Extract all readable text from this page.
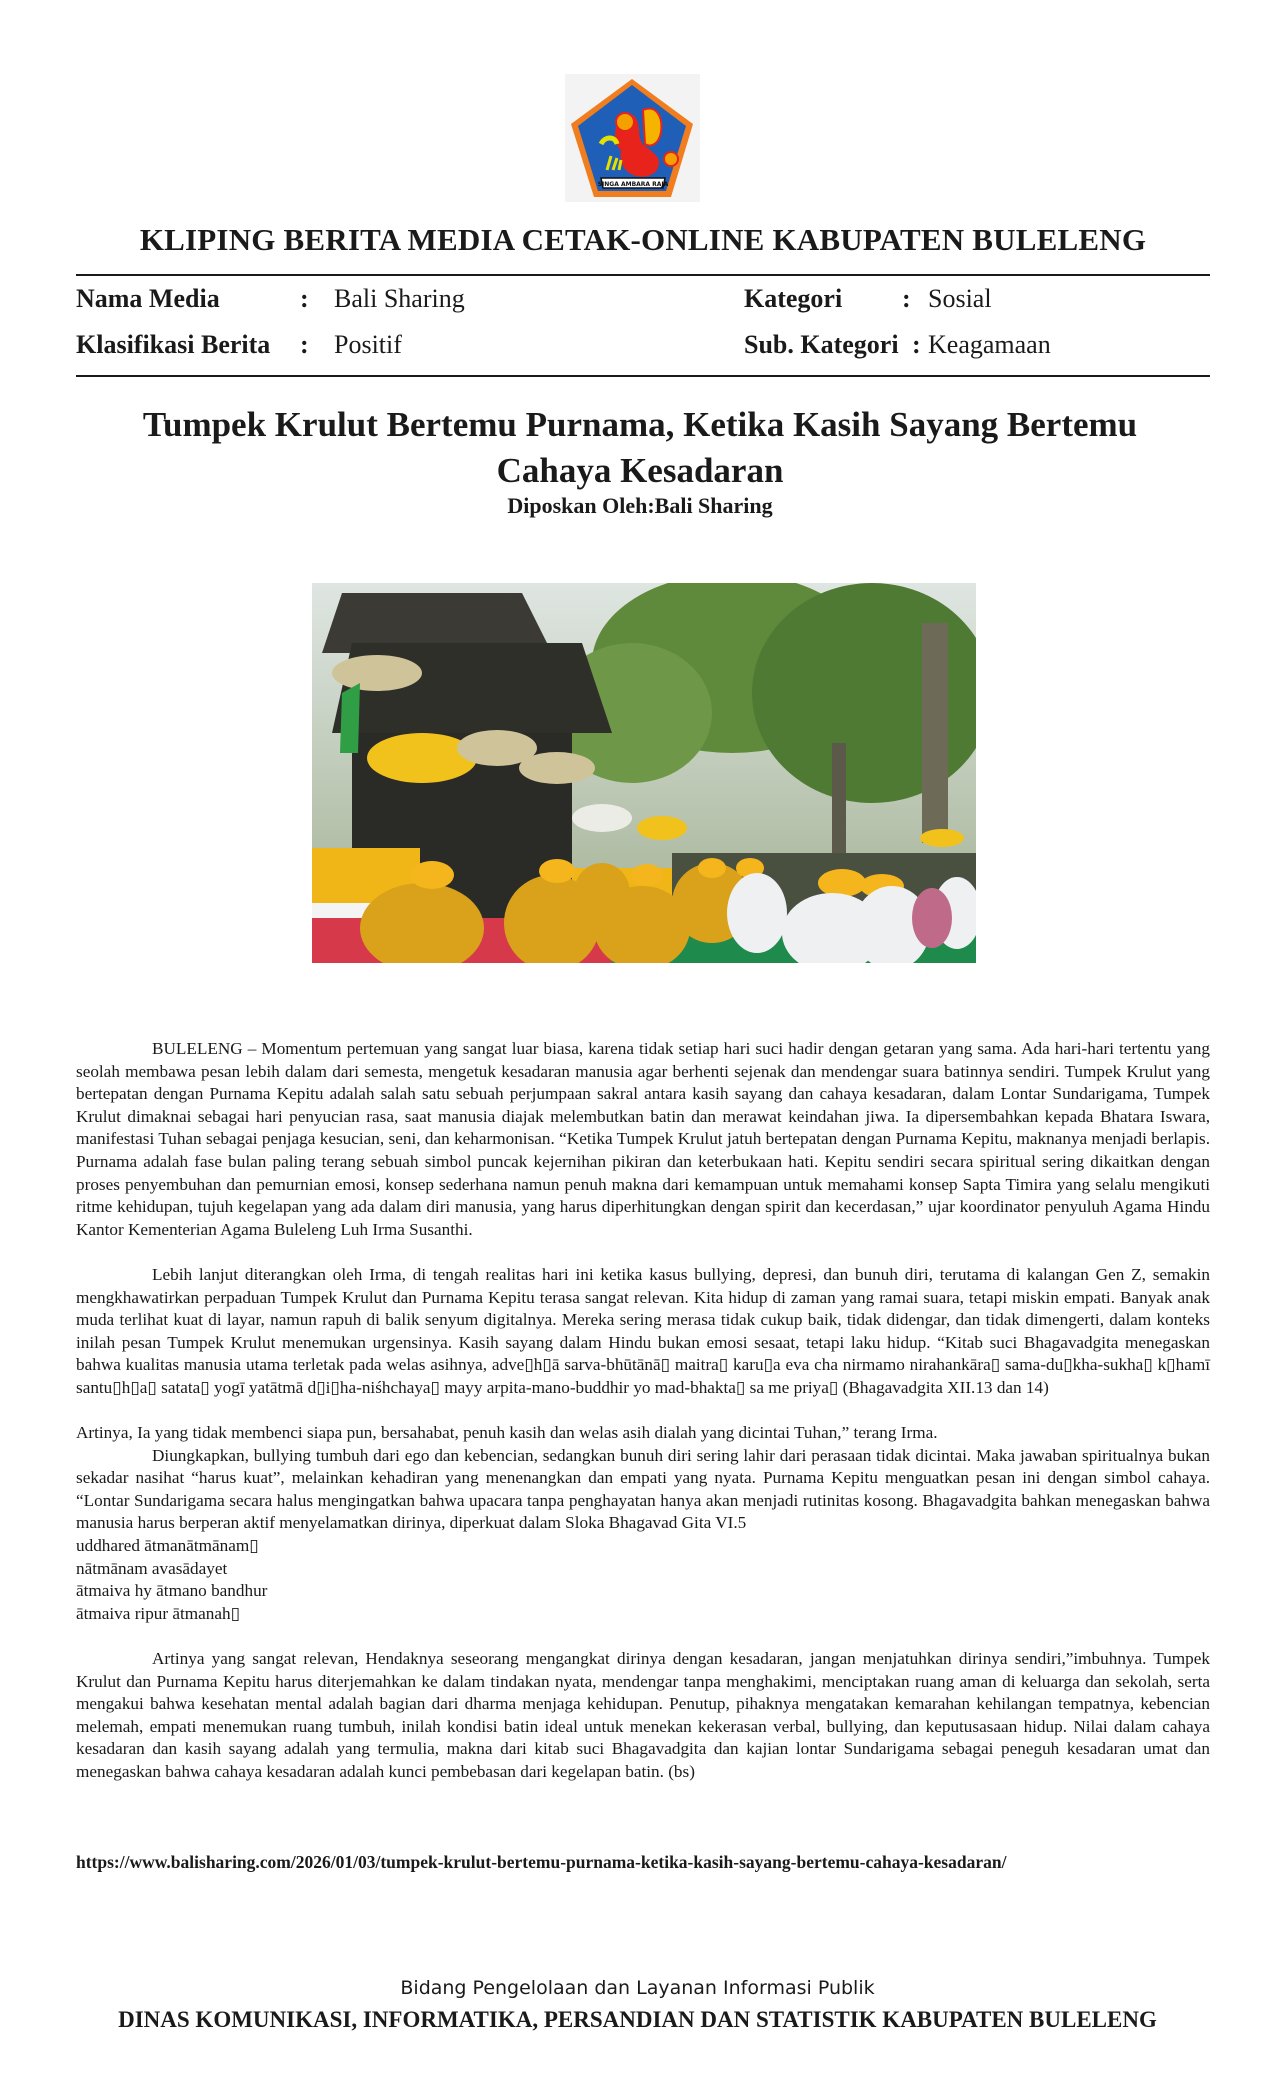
SINGA AMBARA RAJA
KLIPING BERITA MEDIA CETAK-ONLINE KABUPATEN BULELENG
Nama Media	: Bali Sharing	Kategori : Sosial
Klasifikasi Berita : Positif	Sub. Kategori : Keagamaan
Tumpek Krulut Bertemu Purnama, Ketika Kasih Sayang Bertemu Cahaya Kesadaran
Diposkan Oleh:Bali Sharing

BULELENG – Momentum pertemuan yang sangat luar biasa, karena tidak setiap hari suci hadir dengan getaran yang sama. Ada hari-hari tertentu yang seolah membawa pesan lebih dalam dari semesta, mengetuk kesadaran manusia agar berhenti sejenak dan mendengar suara batinnya sendiri. Tumpek Krulut yang bertepatan dengan Purnama Kepitu adalah salah satu sebuah perjumpaan sakral antara kasih sayang dan cahaya kesadaran, dalam Lontar Sundarigama, Tumpek Krulut dimaknai sebagai hari penyucian rasa, saat manusia diajak melembutkan batin dan merawat keindahan jiwa. Ia dipersembahkan kepada Bhatara Iswara, manifestasi Tuhan sebagai penjaga kesucian, seni, dan keharmonisan. “Ketika Tumpek Krulut jatuh bertepatan dengan Purnama Kepitu, maknanya menjadi berlapis. Purnama adalah fase bulan paling terang sebuah simbol puncak kejernihan pikiran dan keterbukaan hati. Kepitu sendiri secara spiritual sering dikaitkan dengan proses penyembuhan dan pemurnian emosi, konsep sederhana namun penuh makna dari kemampuan untuk memahami konsep Sapta Timira yang selalu mengikuti ritme kehidupan, tujuh kegelapan yang ada dalam diri manusia, yang harus diperhitungkan dengan spirit dan kecerdasan,” ujar koordinator penyuluh Agama Hindu Kantor Kementerian Agama Buleleng Luh Irma Susanthi.

Lebih lanjut diterangkan oleh Irma, di tengah realitas hari ini ketika kasus bullying, depresi, dan bunuh diri, terutama di kalangan Gen Z, semakin mengkhawatirkan perpaduan Tumpek Krulut dan Purnama Kepitu terasa sangat relevan. Kita hidup di zaman yang ramai suara, tetapi miskin empati. Banyak anak muda terlihat kuat di layar, namun rapuh di balik senyum digitalnya. Mereka sering merasa tidak cukup baik, tidak didengar, dan tidak dimengerti, dalam konteks inilah pesan Tumpek Krulut menemukan urgensinya. Kasih sayang dalam Hindu bukan emosi sesaat, tetapi laku hidup. “Kitab suci Bhagavadgita menegaskan bahwa kualitas manusia utama terletak pada welas asihnya, adve▯h▯ā sarva-bhūtānā▯ maitra▯ karu▯a eva cha nirmamo nirahankāra▯ sama-du▯kha-sukha▯ k▯hamī santu▯h▯a▯ satata▯ yogī yatātmā d▯i▯ha-niśhchaya▯ mayy arpita-mano-buddhir yo mad-bhakta▯ sa me priya▯ (Bhagavadgita XII.13 dan 14)

Artinya, Ia yang tidak membenci siapa pun, bersahabat, penuh kasih dan welas asih dialah yang dicintai Tuhan,” terang Irma.

Diungkapkan, bullying tumbuh dari ego dan kebencian, sedangkan bunuh diri sering lahir dari perasaan tidak dicintai. Maka jawaban spiritualnya bukan sekadar nasihat “harus kuat”, melainkan kehadiran yang menenangkan dan empati yang nyata. Purnama Kepitu menguatkan pesan ini dengan simbol cahaya. “Lontar Sundarigama secara halus mengingatkan bahwa upacara tanpa penghayatan hanya akan menjadi rutinitas kosong. Bhagavadgita bahkan menegaskan bahwa manusia harus berperan aktif menyelamatkan dirinya, diperkuat dalam Sloka Bhagavad Gita VI.5

uddhared ātmanātmānam▯

nātmānam avasādayet

ātmaiva hy ātmano bandhur

ātmaiva ripur ātmanah▯

Artinya yang sangat relevan, Hendaknya seseorang mengangkat dirinya dengan kesadaran, jangan menjatuhkan dirinya sendiri,”imbuhnya. Tumpek Krulut dan Purnama Kepitu harus diterjemahkan ke dalam tindakan nyata, mendengar tanpa menghakimi, menciptakan ruang aman di keluarga dan sekolah, serta mengakui bahwa kesehatan mental adalah bagian dari dharma menjaga kehidupan. Penutup, pihaknya mengatakan kemarahan kehilangan tempatnya, kebencian melemah, empati menemukan ruang tumbuh, inilah kondisi batin ideal untuk menekan kekerasan verbal, bullying, dan keputusasaan hidup. Nilai dalam cahaya kesadaran dan kasih sayang adalah yang termulia, makna dari kitab suci Bhagavadgita dan kajian lontar Sundarigama sebagai peneguh kesadaran umat dan menegaskan bahwa cahaya kesadaran adalah kunci pembebasan dari kegelapan batin. (bs)

https://www.balisharing.com/2026/01/03/tumpek-krulut-bertemu-purnama-ketika-kasih-sayang-bertemu-cahaya-kesadaran/
Bidang Pengelolaan dan Layanan Informasi Publik
DINAS KOMUNIKASI, INFORMATIKA, PERSANDIAN DAN STATISTIK KABUPATEN BULELENG
